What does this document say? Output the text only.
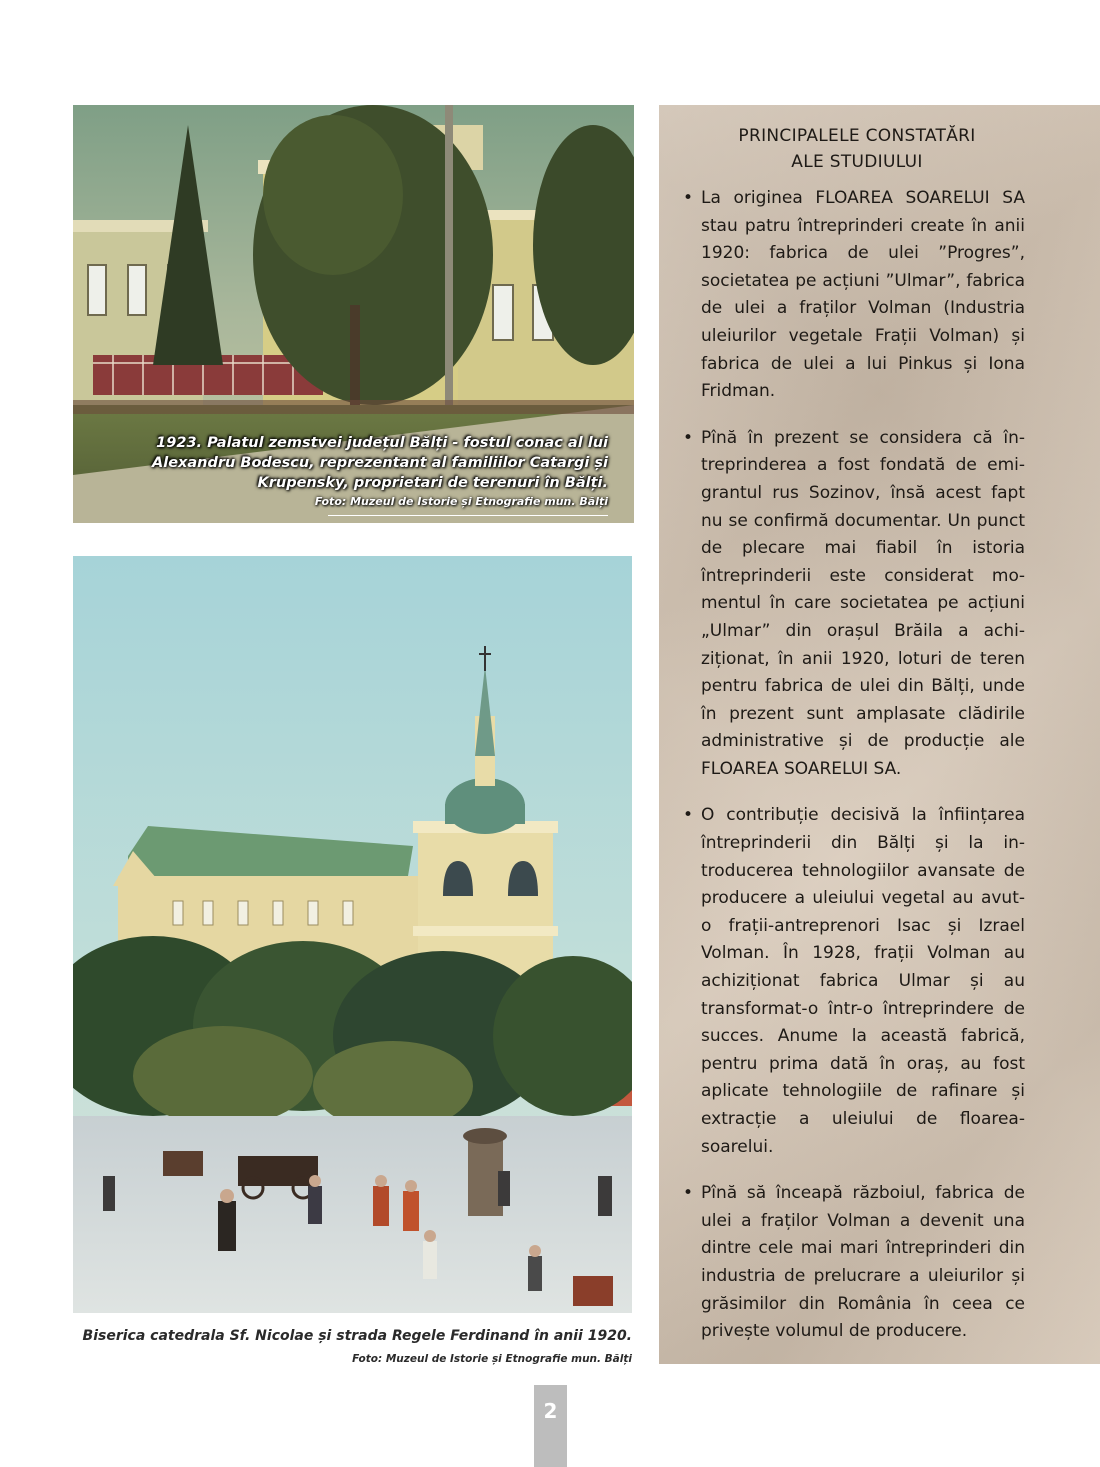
1923. Palatul zemstvei județul Bălți - fostul conac al lui Alexandru Bodescu, reprezentant al familiilor Catargi și Krupensky, proprietari de terenuri în Bălți.
Foto: Muzeul de Istorie și Etnografie mun. Bălți
Biserica catedrala Sf. Nicolae și strada Regele Ferdinand în anii 1920.
Foto: Muzeul de Istorie și Etnografie mun. Bălți
PRINCIPALELE CONSTATĂRI
ALE STUDIULUI
• La originea FLOAREA SOARELUI SA stau patru întreprinderi create în anii 1920: fabrica de ulei ”Progres”, societatea pe acțiuni ”Ulmar”, fabrica de ulei a fraților Volman (Industria uleiurilor vegetale Frații Volman) și fabrica de ulei a lui Pinkus și Iona Fridman.
• Pînă în prezent se considera că întreprinderea a fost fondată de emigrantul rus Sozinov, însă acest fapt nu se confirmă documentar. Un punct de plecare mai fiabil în istoria întreprinderii este considerat momentul în care societatea pe acțiuni „Ulmar” din orașul Brăila a achiziționat, în anii 1920, loturi de teren pentru fabrica de ulei din Bălți, unde în prezent sunt amplasate clădirile administrative și de producție ale FLOAREA SOARELUI SA.
• O contribuție decisivă la înființarea întreprinderii din Bălți și la introducerea tehnologiilor avansate de producere a uleiului vegetal au avut-o frații-antreprenori Isac și Izrael Volman. În 1928, frații Volman au achiziționat fabrica Ulmar și au transformat-o într-o întreprindere de succes. Anume la această fabrică, pentru prima dată în oraș, au fost aplicate tehnologiile de rafinare și extracție a uleiului de floarea-soarelui.
• Pînă să înceapă războiul, fabrica de ulei a fraților Volman a devenit una dintre cele mai mari întreprinderi din industria de prelucrare a uleiurilor și grăsimilor din România în ceea ce privește volumul de producere.
2
